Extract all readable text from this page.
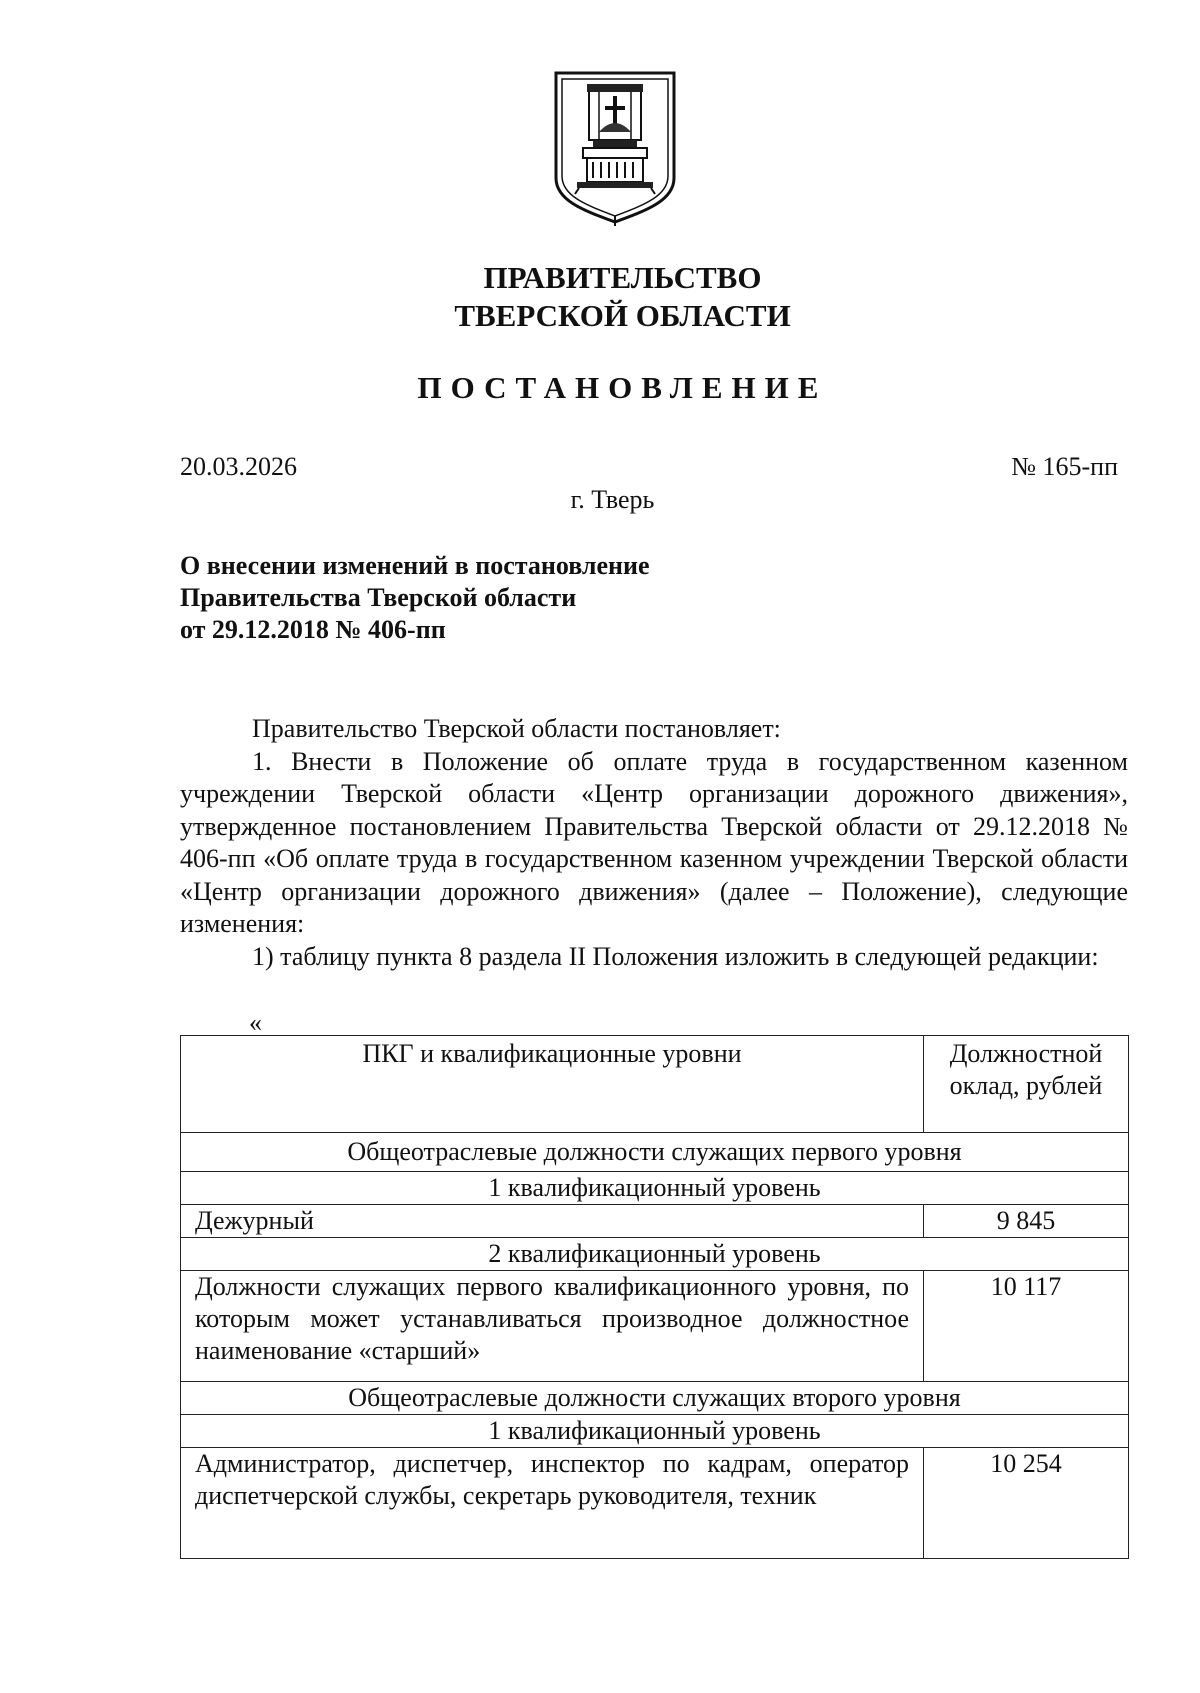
ПРАВИТЕЛЬСТВО
ТВЕРСКОЙ ОБЛАСТИ
ПОСТАНОВЛЕНИЕ
20.03.2026	№ 165-пп
г. Тверь
О внесении изменений в постановление
Правительства Тверской области
от 29.12.2018 № 406-пп

Правительство Тверской области постановляет:

1. Внести в Положение об оплате труда в государственном казенном учреждении Тверской области «Центр организации дорожного движения», утвержденное постановлением Правительства Тверской области от 29.12.2018 № 406-пп «Об оплате труда в государственном казенном учреждении Тверской области «Центр организации дорожного движения» (далее – Положение), следующие изменения:

1) таблицу пункта 8 раздела II Положения изложить в следующей редакции:

«
ПКГ и квалификационные уровни	Должностной оклад, рублей
Общеотраслевые должности служащих первого уровня	
1 квалификационный уровень	
Дежурный	9 845
2 квалификационный уровень	
Должности служащих первого квалификационного уровня, по которым может устанавливаться производное должностное наименование «старший»	10 117
Общеотраслевые должности служащих второго уровня	
1 квалификационный уровень	
Администратор, диспетчер, инспектор по кадрам, оператор диспетчерской службы, секретарь руководителя, техник	10 254
